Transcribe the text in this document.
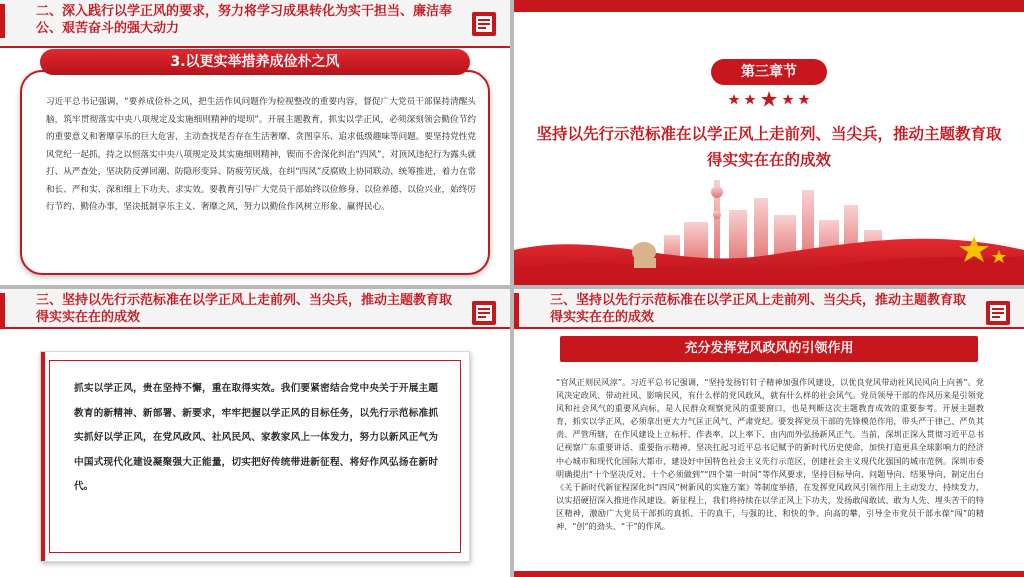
二、深入践行以学正风的要求，努力将学习成果转化为实干担当、廉洁奉公、艰苦奋斗的强大动力
3.以更实举措养成俭朴之风
习近平总书记强调，“要养成俭朴之风，把生活作风问题作为检视整改的重要内容，督促广大党员干部保持清醒头脑，筑牢贯彻落实中央八项规定及实施细则精神的堤坝”。开展主题教育，抓实以学正风，必须深刻领会勤俭节约的重要意义和奢靡享乐的巨大危害，主动查找是否存在生活奢靡、贪图享乐、追求低级趣味等问题。要坚持党性党风党纪一起抓，持之以恒落实中央八项规定及其实施细则精神，锲而不舍深化纠治“四风”，对顶风违纪行为露头就打、从严查处，坚决防反弹回潮、防隐形变异、防疲劳厌战，在纠“四风”反腐败上协同联动、统筹推进，着力在常和长、严和实、深和细上下功夫、求实效。要教育引导广大党员干部始终以俭修身、以俭养德、以俭兴业，始终厉行节约、勤俭办事，坚决抵制享乐主义、奢靡之风，努力以勤俭作风树立形象、赢得民心。
第三章节
坚持以先行示范标准在以学正风上走前列、当尖兵，推动主题教育取得实实在在的成效
三、坚持以先行示范标准在以学正风上走前列、当尖兵，推动主题教育取得实实在在的成效
抓实以学正风，贵在坚持不懈，重在取得实效。我们要紧密结合党中央关于开展主题教育的新精神、新部署、新要求，牢牢把握以学正风的目标任务，以先行示范标准抓实抓好以学正风，在党风政风、社风民风、家教家风上一体发力，努力以新风正气为中国式现代化建设凝聚强大正能量，切实把好传统带进新征程、将好作风弘扬在新时代。
三、坚持以先行示范标准在以学正风上走前列、当尖兵，推动主题教育取得实实在在的成效
充分发挥党风政风的引领作用
“官风正则民风淳”。习近平总书记强调，“坚持发扬钉钉子精神加强作风建设，以优良党风带动社风民风向上向善”。党风决定政风、带动社风、影响民风，有什么样的党风政风，就有什么样的社会风气。党员领导干部的作风历来是引领党风和社会风气的重要风向标，是人民群众观察党风的重要窗口，也是判断这次主题教育成效的重要参考。开展主题教育，抓实以学正风，必须拿出更大力气匡正风气、严肃党纪。要发挥党员干部的先锋模范作用，带头严于律己、严负其责、严管所辖，在作风建设上立标杆、作表率，以上率下、由内而外弘扬新风正气。当前，深圳正深入贯彻习近平总书记视察广东重要讲话、重要指示精神，坚决扛起习近平总书记赋予的新时代历史使命，加快打造更具全球影响力的经济中心城市和现代化国际大都市，建设好中国特色社会主义先行示范区，创建社会主义现代化强国的城市范例。深圳市委明确提出“十个坚决反对、十个必须做到”“四个第一时间”等作风要求，坚持目标导向、问题导向、结果导向，制定出台《关于新时代新征程深化纠“四风”树新风的实施方案》等制度举措，在发挥党风政风引领作用上主动发力、持续发力，以实招硬招深入推进作风建设。新征程上，我们将持续在以学正风上下功夫，发扬敢闯敢试、敢为人先、埋头苦干的特区精神，激励广大党员干部抓的真抓、干的真干，与强的比、和快的争、向高的攀，引导全市党员干部永葆“闯”的精神、“创”的劲头、“干”的作风。
